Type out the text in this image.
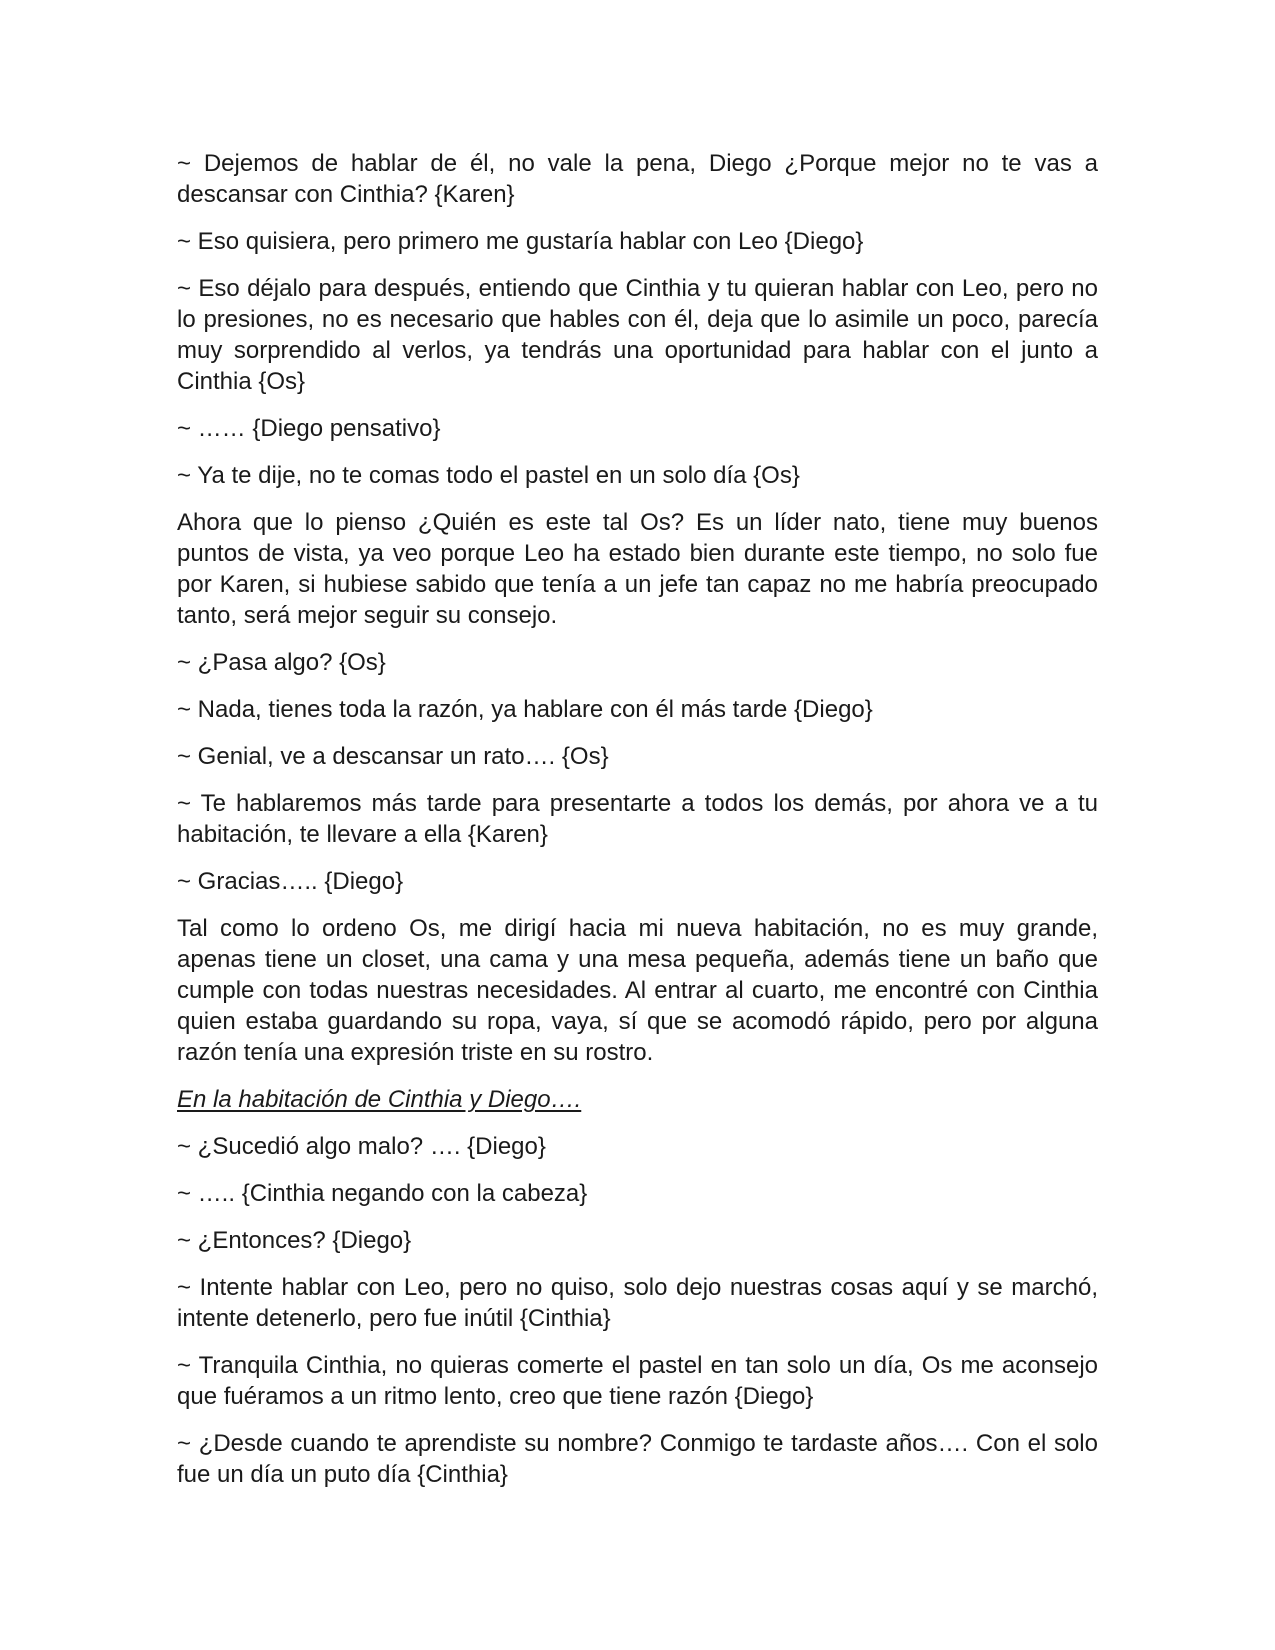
~ Dejemos de hablar de él, no vale la pena, Diego ¿Porque mejor no te vas a descansar con Cinthia? {Karen}

~ Eso quisiera, pero primero me gustaría hablar con Leo {Diego}

~ Eso déjalo para después, entiendo que Cinthia y tu quieran hablar con Leo, pero no lo presiones, no es necesario que hables con él, deja que lo asimile un poco, parecía muy sorprendido al verlos, ya tendrás una oportunidad para hablar con el junto a Cinthia {Os}

~ …… {Diego pensativo}

~ Ya te dije, no te comas todo el pastel en un solo día {Os}

Ahora que lo pienso ¿Quién es este tal Os? Es un líder nato, tiene muy buenos puntos de vista, ya veo porque Leo ha estado bien durante este tiempo, no solo fue por Karen, si hubiese sabido que tenía a un jefe tan capaz no me habría preocupado tanto, será mejor seguir su consejo.

~ ¿Pasa algo? {Os}

~ Nada, tienes toda la razón, ya hablare con él más tarde {Diego}

~ Genial, ve a descansar un rato…. {Os}

~ Te hablaremos más tarde para presentarte a todos los demás, por ahora ve a tu habitación, te llevare a ella {Karen}

~ Gracias….. {Diego}

Tal como lo ordeno Os, me dirigí hacia mi nueva habitación, no es muy grande, apenas tiene un closet, una cama y una mesa pequeña, además tiene un baño que cumple con todas nuestras necesidades. Al entrar al cuarto, me encontré con Cinthia quien estaba guardando su ropa, vaya, sí que se acomodó rápido, pero por alguna razón tenía una expresión triste en su rostro.

En la habitación de Cinthia y Diego….

~ ¿Sucedió algo malo? …. {Diego}

~ ….. {Cinthia negando con la cabeza}

~ ¿Entonces? {Diego}

~ Intente hablar con Leo, pero no quiso, solo dejo nuestras cosas aquí y se marchó, intente detenerlo, pero fue inútil {Cinthia}

~ Tranquila Cinthia, no quieras comerte el pastel en tan solo un día, Os me aconsejo que fuéramos a un ritmo lento, creo que tiene razón {Diego}

~ ¿Desde cuando te aprendiste su nombre? Conmigo te tardaste años…. Con el solo fue un día un puto día {Cinthia}
